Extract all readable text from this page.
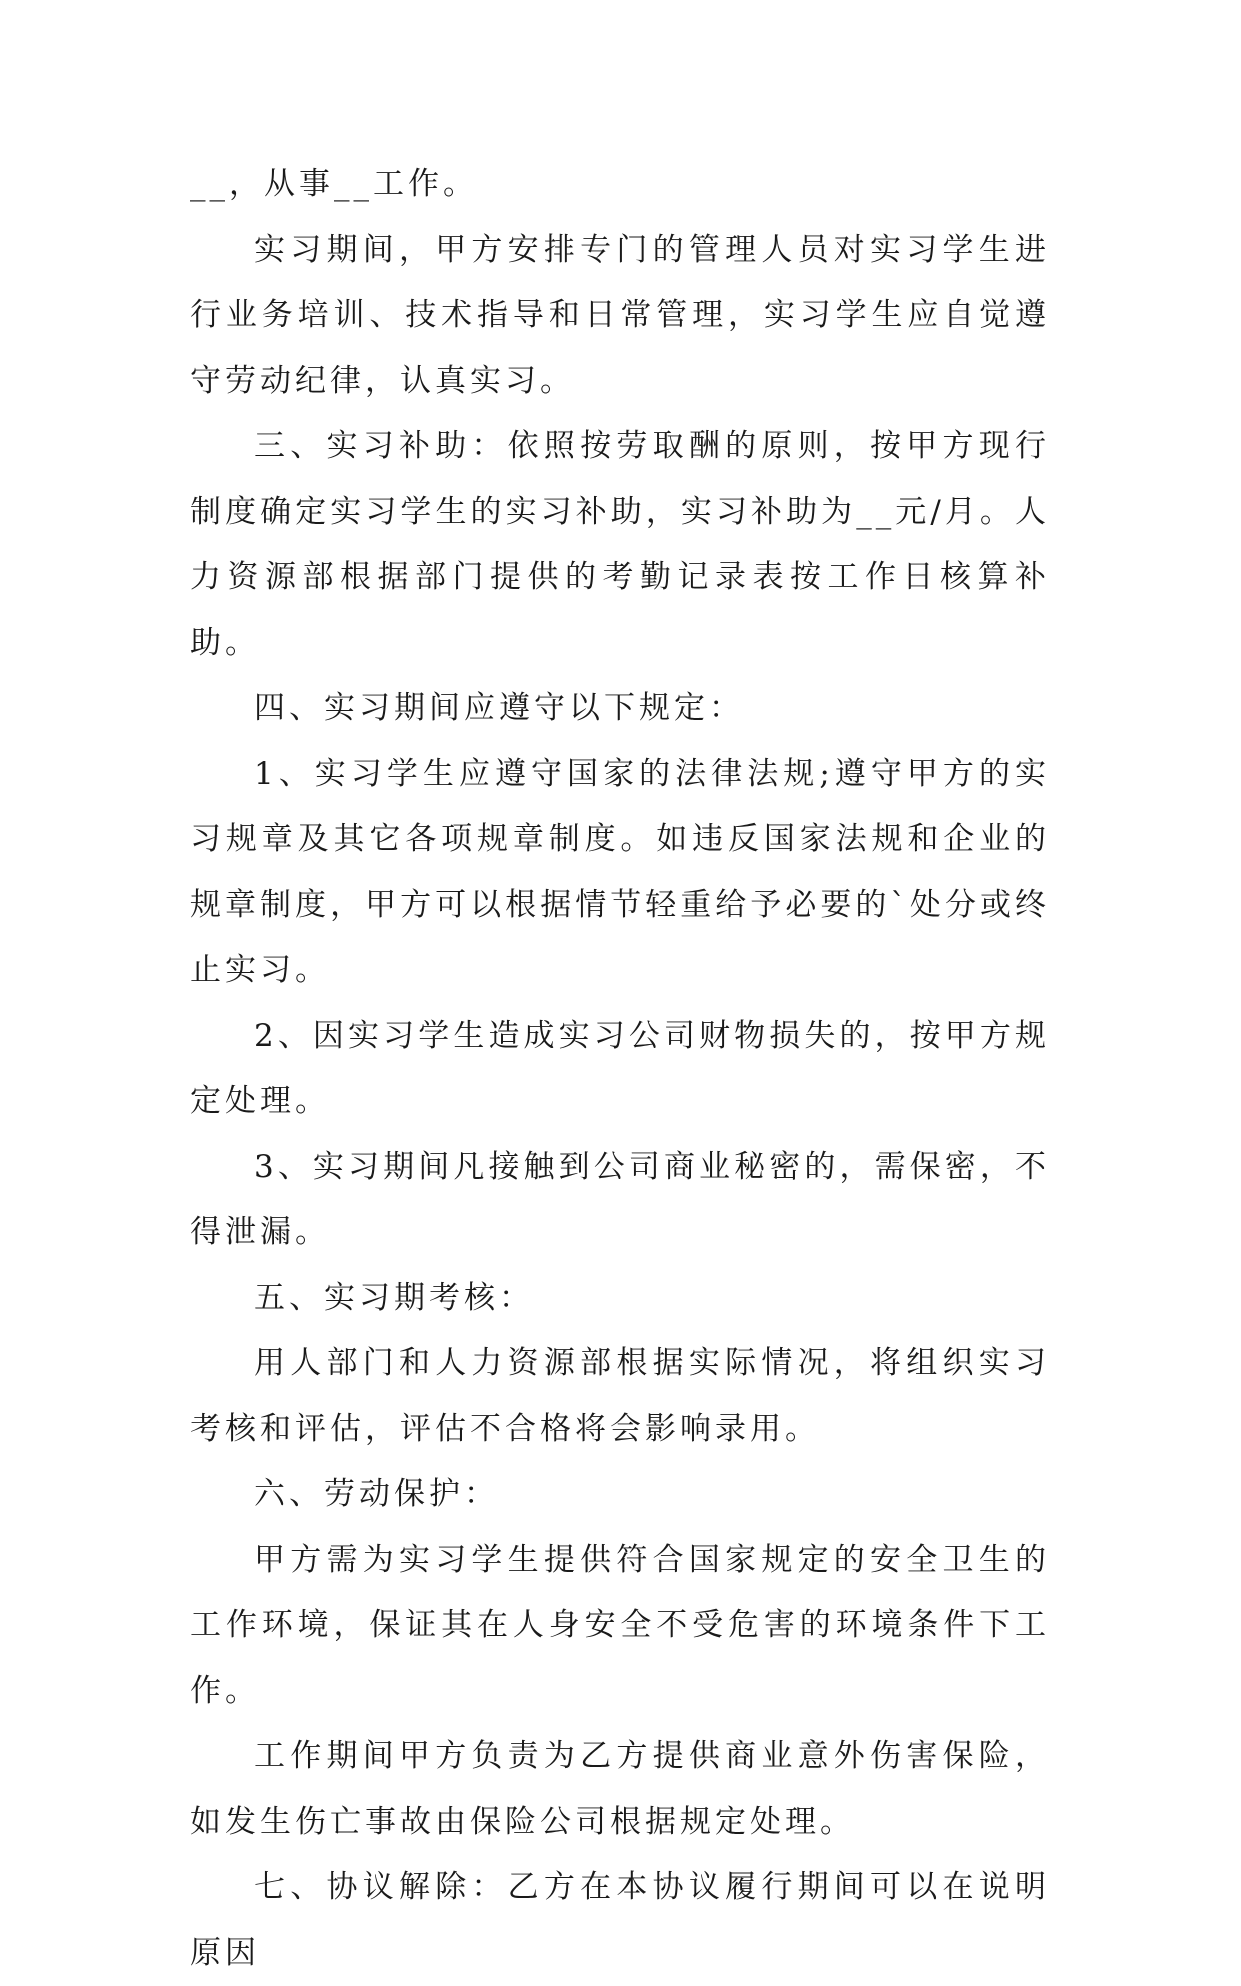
__，从事__工作。

实习期间，甲方安排专门的管理人员对实习学生进行业务培训、技术指导和日常管理，实习学生应自觉遵守劳动纪律，认真实习。

三、实习补助：依照按劳取酬的原则，按甲方现行制度确定实习学生的实习补助，实习补助为__元/月。人力资源部根据部门提供的考勤记录表按工作日核算补助。

四、实习期间应遵守以下规定：

1、实习学生应遵守国家的法律法规;遵守甲方的实习规章及其它各项规章制度。如违反国家法规和企业的规章制度，甲方可以根据情节轻重给予必要的`处分或终止实习。

2、因实习学生造成实习公司财物损失的，按甲方规定处理。

3、实习期间凡接触到公司商业秘密的，需保密，不得泄漏。

五、实习期考核：

用人部门和人力资源部根据实际情况，将组织实习考核和评估，评估不合格将会影响录用。

六、劳动保护：

甲方需为实习学生提供符合国家规定的安全卫生的工作环境，保证其在人身安全不受危害的环境条件下工作。

工作期间甲方负责为乙方提供商业意外伤害保险，如发生伤亡事故由保险公司根据规定处理。

七、协议解除：乙方在本协议履行期间可以在说明原因
